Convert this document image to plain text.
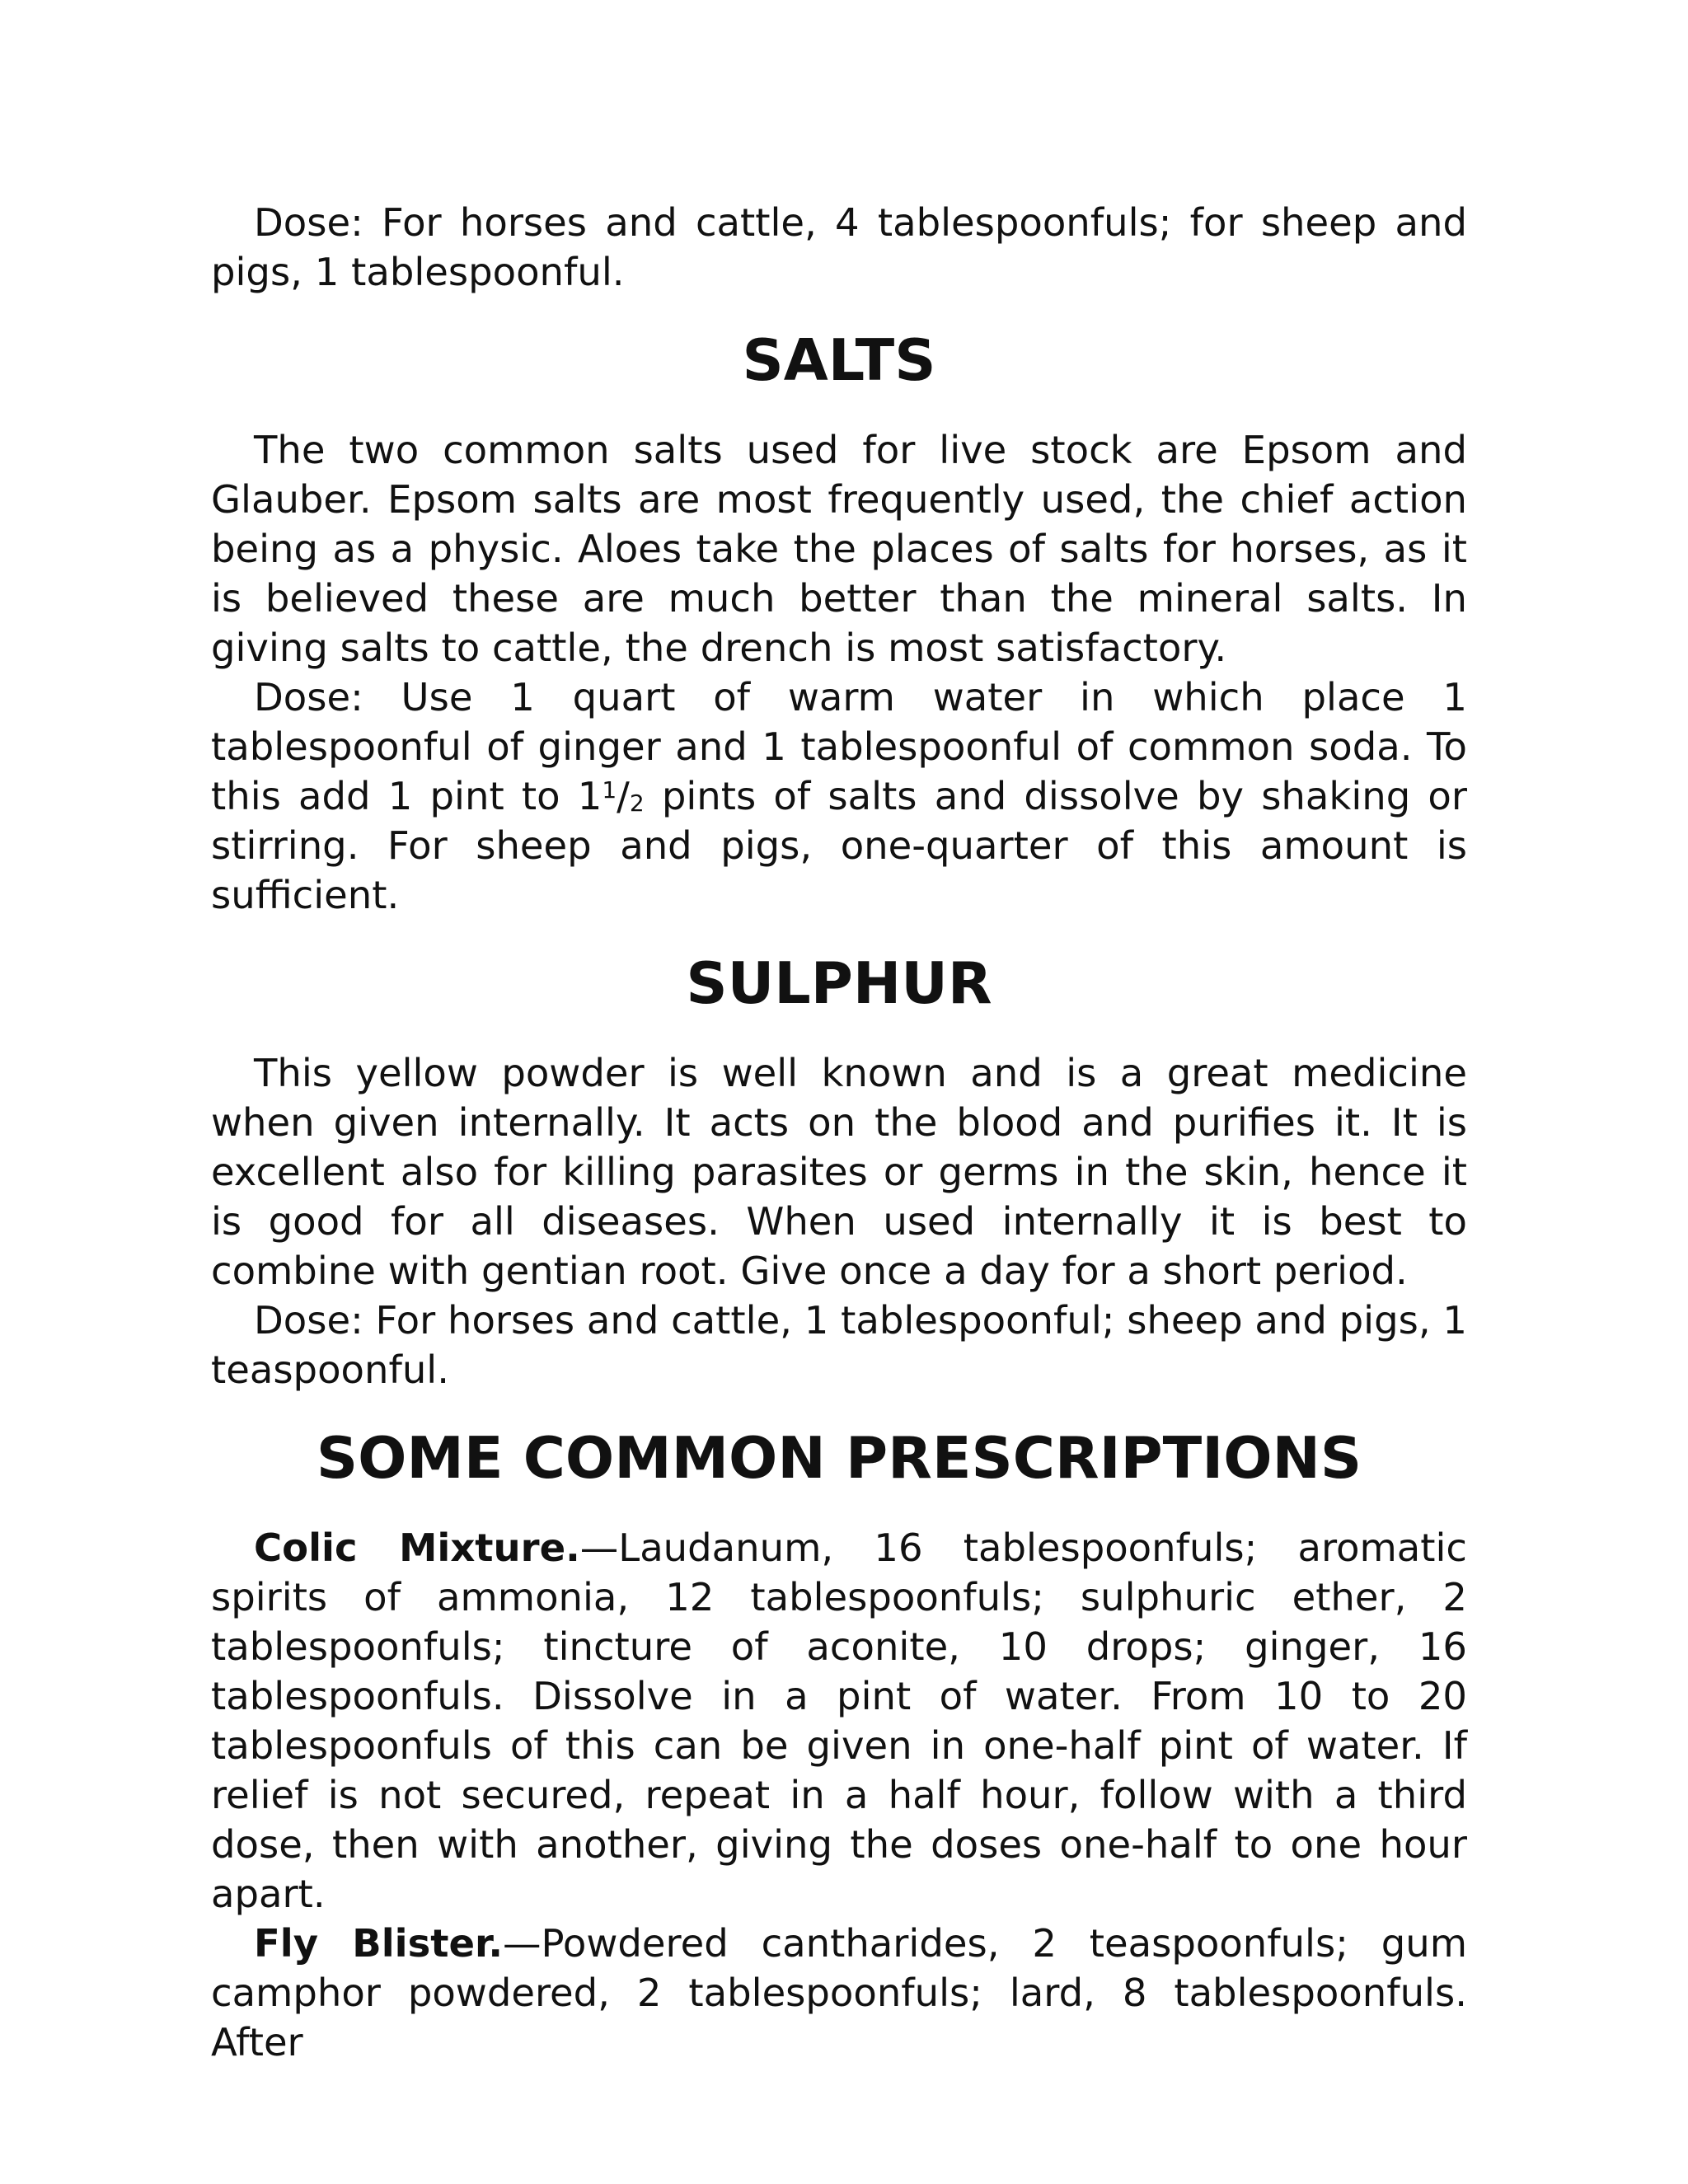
Dose: For horses and cattle, 4 tablespoonfuls; for sheep and pigs, 1 tablespoonful.

SALTS

The two common salts used for live stock are Epsom and Glauber. Epsom salts are most frequently used, the chief action being as a physic. Aloes take the places of salts for horses, as it is believed these are much better than the mineral salts. In giving salts to cattle, the drench is most satisfactory.

Dose: Use 1 quart of warm water in which place 1 tablespoonful of ginger and 1 tablespoonful of common soda. To this add 1 pint to $1^1/2$ pints of salts and dissolve by shaking or stirring. For sheep and pigs, one-quarter of this amount is sufficient.

SULPHUR

This yellow powder is well known and is a great medicine when given internally. It acts on the blood and purifies it. It is excellent also for killing parasites or germs in the skin, hence it is good for all diseases. When used internally it is best to combine with gentian root. Give once a day for a short period.

Dose: For horses and cattle, 1 tablespoonful; sheep and pigs, 1 teaspoonful.

SOME COMMON PRESCRIPTIONS

Colic Mixture.—Laudanum, 16 tablespoonfuls; aromatic spirits of ammonia, 12 tablespoonfuls; sulphuric ether, 2 tablespoonfuls; tincture of aconite, 10 drops; ginger, 16 tablespoonfuls. Dissolve in a pint of water. From 10 to 20 tablespoonfuls of this can be given in one-half pint of water. If relief is not secured, repeat in a half hour, follow with a third dose, then with another, giving the doses one-half to one hour apart.

Fly Blister.—Powdered cantharides, 2 teaspoonfuls; gum camphor powdered, 2 tablespoonfuls; lard, 8 tablespoonfuls. After
